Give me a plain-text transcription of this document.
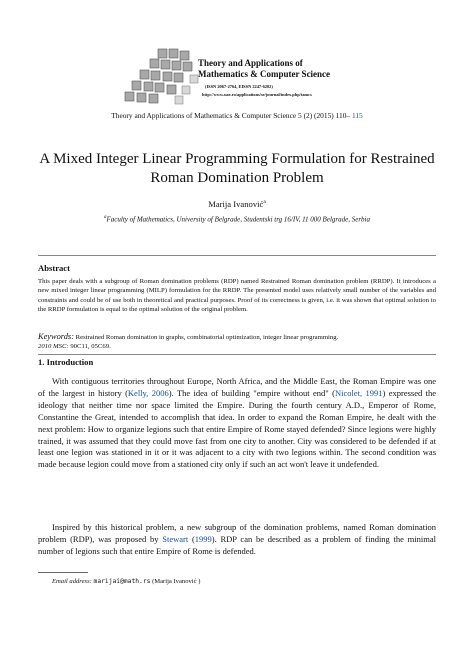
Theory and Applications of
Mathematics & Computer Science
(ISSN 2067-2764, EISSN 2247-6202)
http://www.uav.ro/applications/se/journal/index.php/tamcs
Theory and Applications of Mathematics & Computer Science 5 (2) (2015) 110– 115
A Mixed Integer Linear Programming Formulation for Restrained
Roman Domination Problem
Marija Ivanović$^a$
$^a$Faculty of Mathematics, University of Belgrade, Studentski trg 16/IV, 11 000 Belgrade, Serbia
Abstract
This paper deals with a subgroup of Roman domination problems (RDP) named Restrained Roman domination problem (RRDP). It introduces a new mixed integer linear programming (MILP) formulation for the RRDP. The presented model uses relatively small number of the variables and constraints and could be of use both in theoretical and practical purposes. Proof of its correctness is given, i.e. it was shown that optimal solution to the RRDP formulation is equal to the optimal solution of the original problem.
Keywords: Restrained Roman domination in graphs, combinatorial optimization, integer linear programming.
2010 MSC: 90C11, 05C69.
1. Introduction
With contiguous territories throughout Europe, North Africa, and the Middle East, the Roman Empire was one of the largest in history (Kelly, 2006). The idea of building "empire without end" (Nicolet, 1991) expressed the ideology that neither time nor space limited the Empire. During the fourth century A.D., Emperor of Rome, Constantine the Great, intended to accomplish that idea. In order to expand the Roman Empire, he dealt with the next problem: How to organize legions such that entire Empire of Rome stayed defended? Since legions were highly trained, it was assumed that they could move fast from one city to another. City was considered to be defended if at least one legion was stationed in it or it was adjacent to a city with two legions within. The second condition was made because legion could move from a stationed city only if such an act won't leave it undefended.
Inspired by this historical problem, a new subgroup of the domination problems, named Roman domination problem (RDP), was proposed by Stewart (1999). RDP can be described as a problem of finding the minimal number of legions such that entire Empire of Rome is defended.
Email address: marijai@math.rs (Marija Ivanović )
